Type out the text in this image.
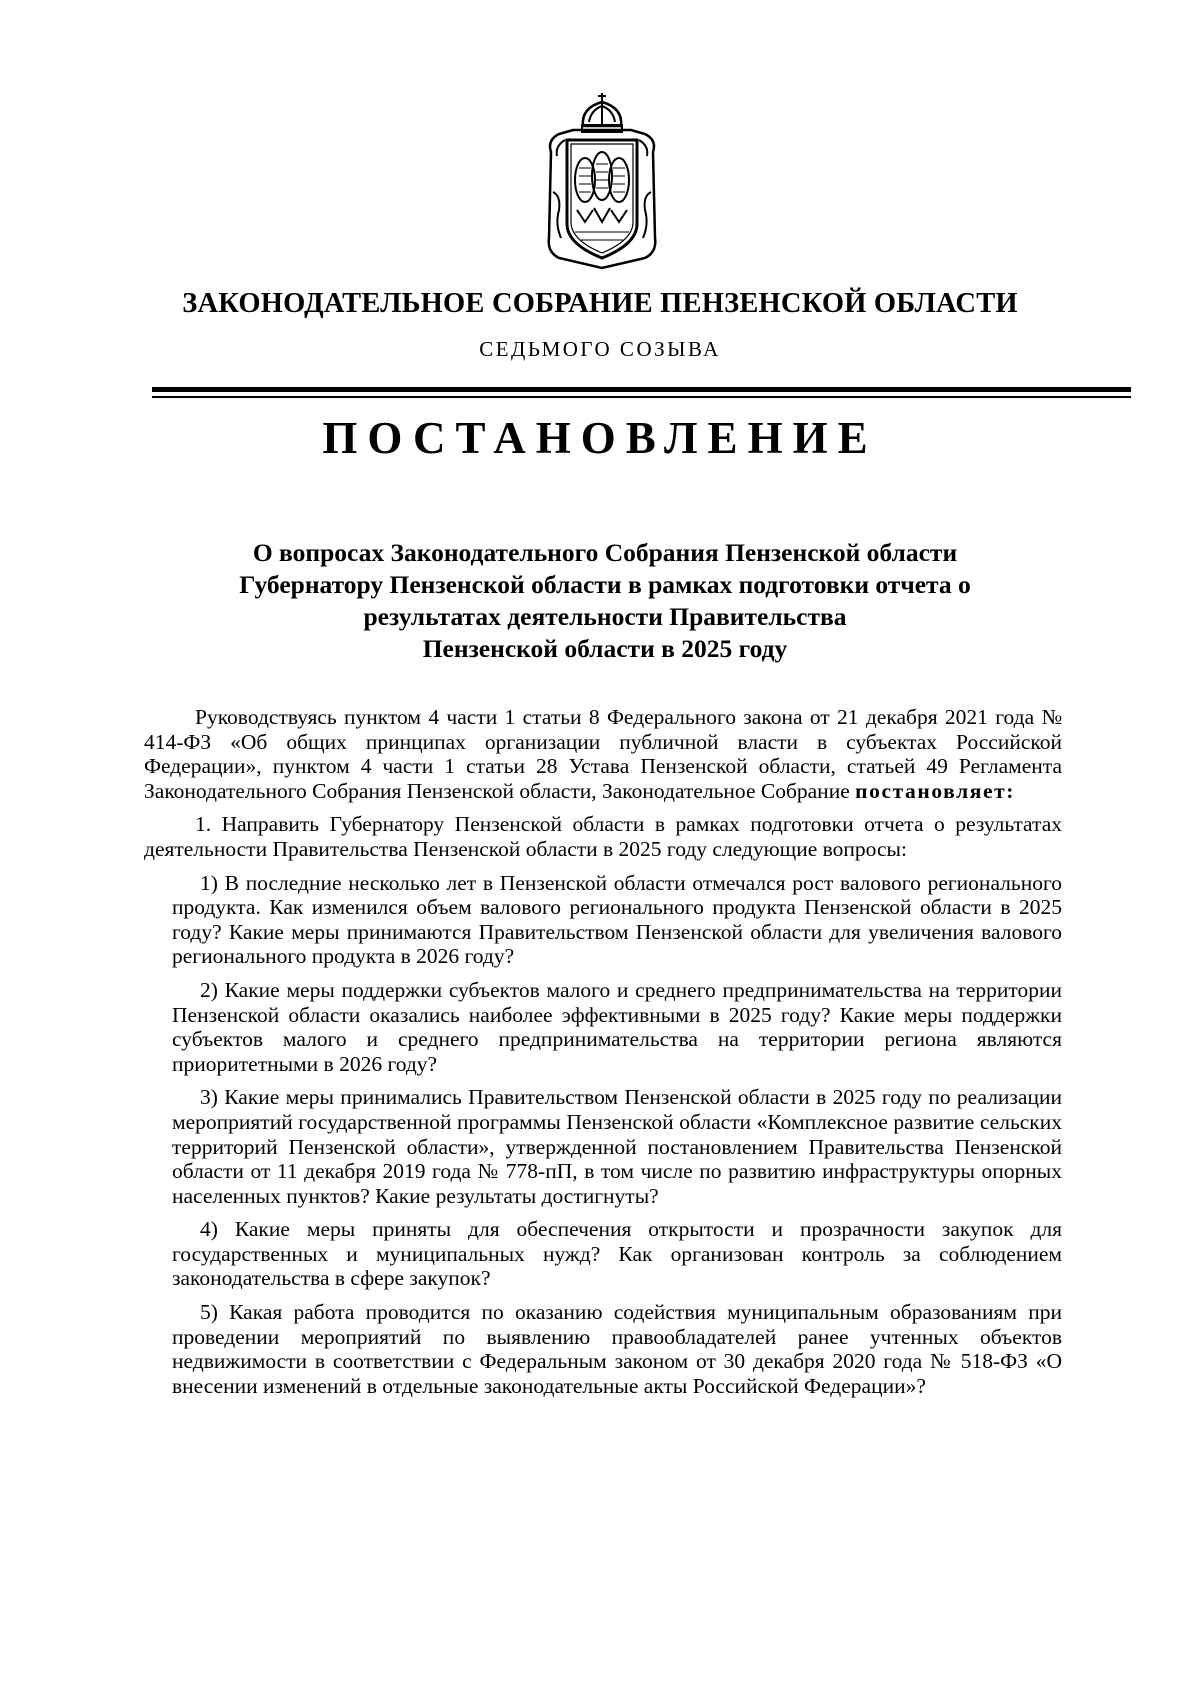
ЗАКОНОДАТЕЛЬНОЕ СОБРАНИЕ ПЕНЗЕНСКОЙ ОБЛАСТИ
СЕДЬМОГО СОЗЫВА
ПОСТАНОВЛЕНИЕ
О вопросах Законодательного Собрания Пензенской области
Губернатору Пензенской области в рамках подготовки отчета о
результатах деятельности Правительства
Пензенской области в 2025 году

Руководствуясь пунктом 4 части 1 статьи 8 Федерального закона от 21 декабря 2021 года № 414-ФЗ «Об общих принципах организации публичной власти в субъектах Российской Федерации», пунктом 4 части 1 статьи 28 Устава Пензенской области, статьей 49 Регламента Законодательного Собрания Пензенской области, Законодательное Собрание постановляет:

1. Направить Губернатору Пензенской области в рамках подготовки отчета о результатах деятельности Правительства Пензенской области в 2025 году следующие вопросы:

1) В последние несколько лет в Пензенской области отмечался рост валового регионального продукта. Как изменился объем валового регионального продукта Пензенской области в 2025 году? Какие меры принимаются Правительством Пензенской области для увеличения валового регионального продукта в 2026 году?

2) Какие меры поддержки субъектов малого и среднего предпринимательства на территории Пензенской области оказались наиболее эффективными в 2025 году? Какие меры поддержки субъектов малого и среднего предпринимательства на территории региона являются приоритетными в 2026 году?

3) Какие меры принимались Правительством Пензенской области в 2025 году по реализации мероприятий государственной программы Пензенской области «Комплексное развитие сельских территорий Пензенской области», утвержденной постановлением Правительства Пензенской области от 11 декабря 2019 года № 778-пП, в том числе по развитию инфраструктуры опорных населенных пунктов? Какие результаты достигнуты?

4) Какие меры приняты для обеспечения открытости и прозрачности закупок для государственных и муниципальных нужд? Как организован контроль за соблюдением законодательства в сфере закупок?

5) Какая работа проводится по оказанию содействия муниципальным образованиям при проведении мероприятий по выявлению правообладателей ранее учтенных объектов недвижимости в соответствии с Федеральным законом от 30 декабря 2020 года № 518-ФЗ «О внесении изменений в отдельные законодательные акты Российской Федерации»?
